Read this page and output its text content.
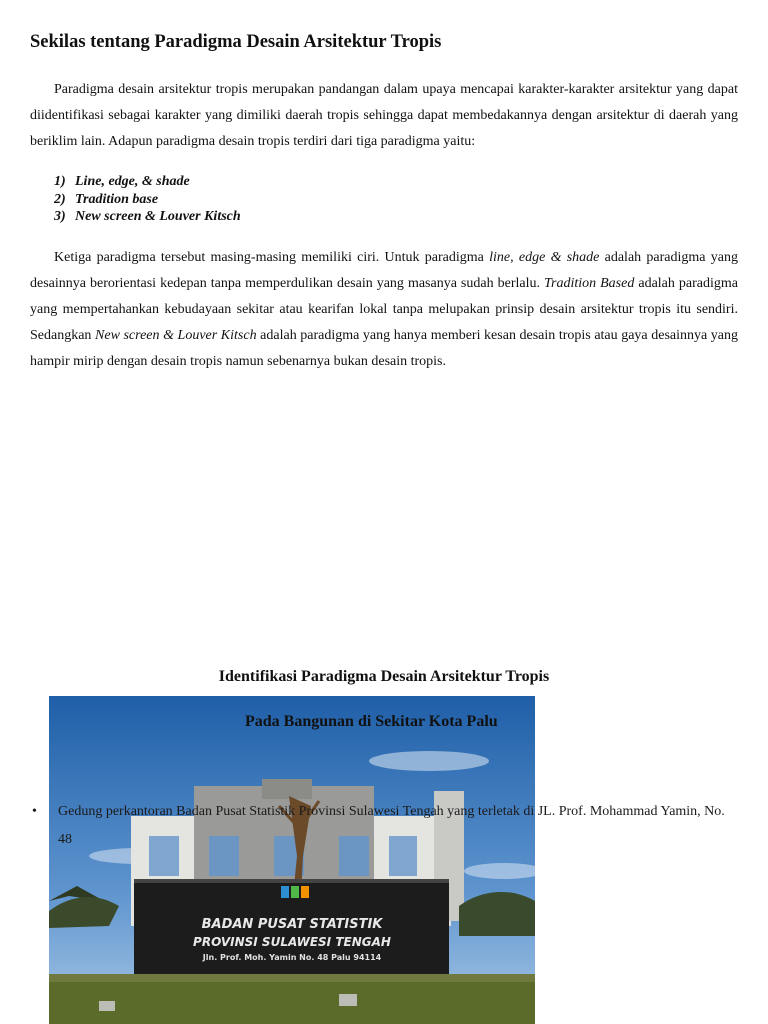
Sekilas tentang Paradigma Desain Arsitektur Tropis

Paradigma desain arsitektur tropis merupakan pandangan dalam upaya mencapai karakter-karakter arsitektur yang dapat diidentifikasi sebagai karakter yang dimiliki daerah tropis sehingga dapat membedakannya dengan arsitektur di daerah yang beriklim lain. Adapun paradigma desain tropis terdiri dari tiga paradigma yaitu:

1) Line, edge, & shade
2) Tradition base
3) New screen & Louver Kitsch

Ketiga paradigma tersebut masing-masing memiliki ciri. Untuk paradigma line, edge & shade adalah paradigma yang desainnya berorientasi kedepan tanpa memperdulikan desain yang masanya sudah berlalu. Tradition Based adalah paradigma yang mempertahankan kebudayaan sekitar atau kearifan lokal tanpa melupakan prinsip desain arsitektur tropis itu sendiri. Sedangkan New screen & Louver Kitsch adalah paradigma yang hanya memberi kesan desain tropis atau gaya desainnya yang hampir mirip dengan desain tropis namun sebenarnya bukan desain tropis.

Identifikasi Paradigma Desain Arsitektur Tropis
BADAN PUSAT STATISTIK
PROVINSI SULAWESI TENGAH
Jln. Prof. Moh. Yamin No. 48 Palu 94114
Pada Bangunan di Sekitar Kota Palu
• Gedung perkantoran Badan Pusat Statistik Provinsi Sulawesi Tengah yang terletak di JL. Prof. Mohammad Yamin, No. 48
